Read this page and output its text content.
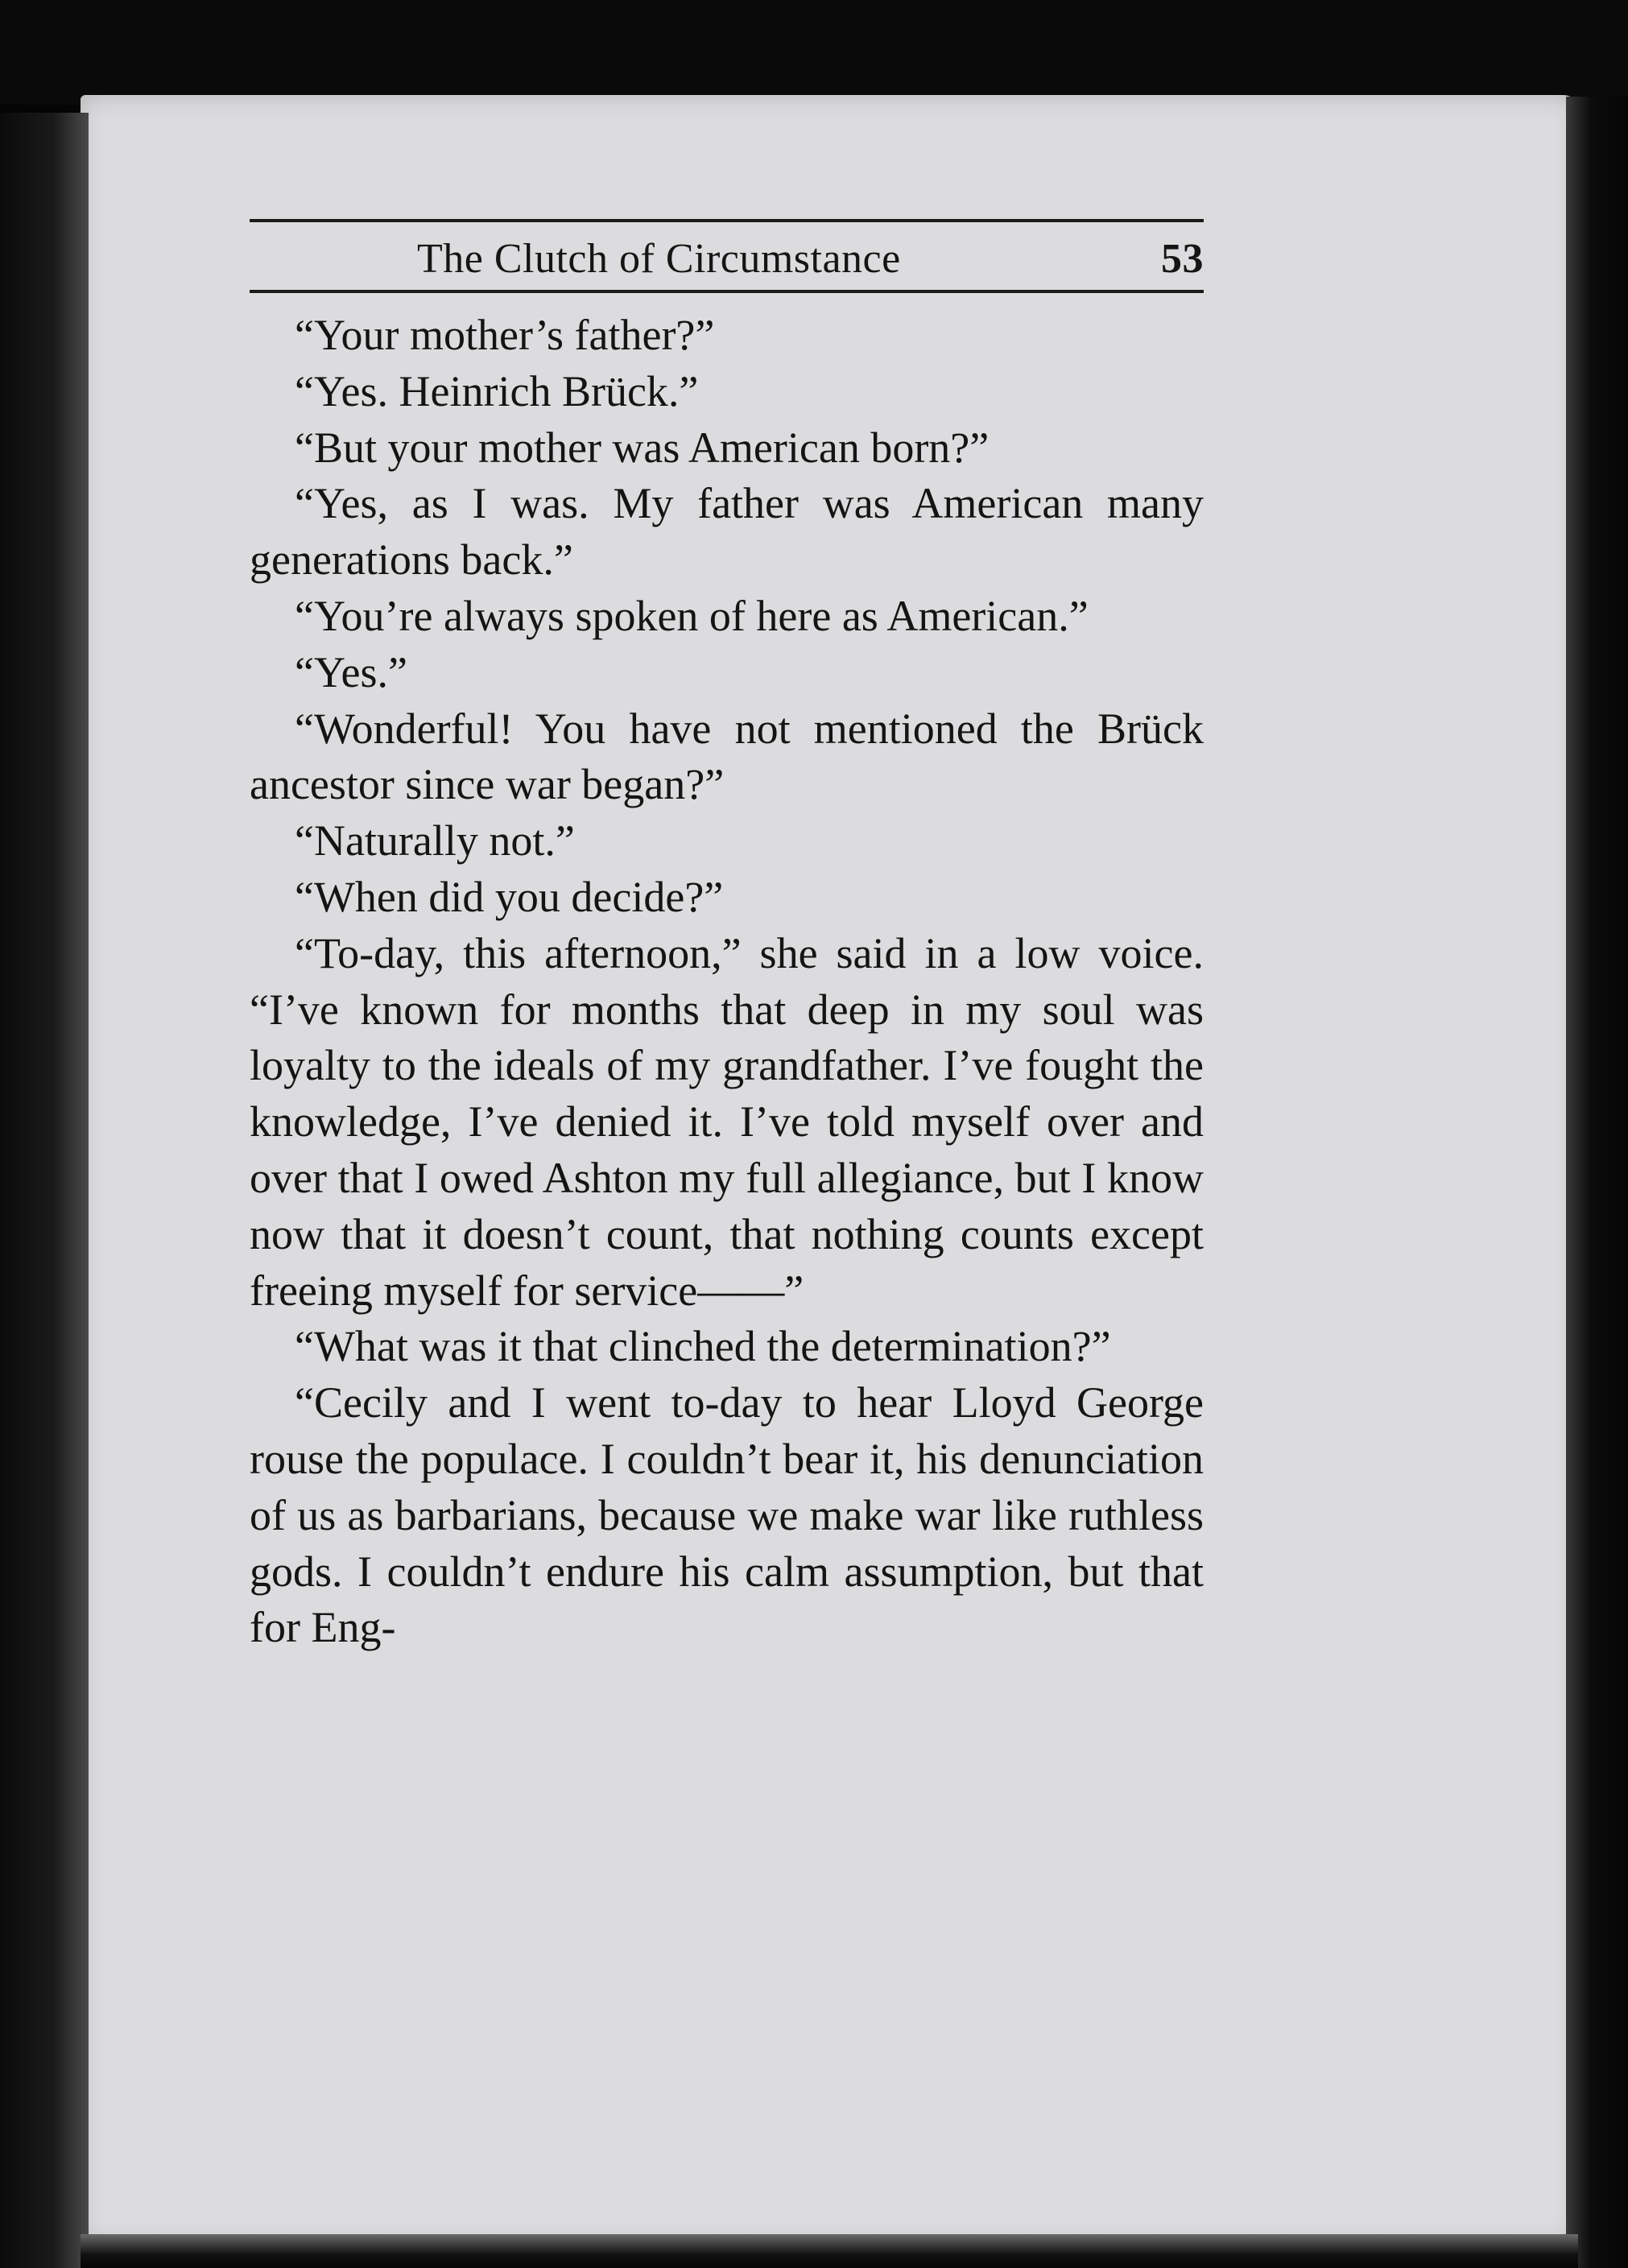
The Clutch of Circumstance	53

“Your mother’s father?”

“Yes. Heinrich Brück.”

“But your mother was American born?”

“Yes, as I was. My father was American many generations back.”

“You’re always spoken of here as American.”

“Yes.”

“Wonderful! You have not mentioned the Brück ancestor since war began?”

“Naturally not.”

“When did you decide?”

“To-day, this afternoon,” she said in a low voice. “I’ve known for months that deep in my soul was loyalty to the ideals of my grandfather. I’ve fought the knowledge, I’ve denied it. I’ve told myself over and over that I owed Ashton my full allegiance, but I know now that it doesn’t count, that nothing counts except freeing myself for service——”

“What was it that clinched the determination?”

“Cecily and I went to-day to hear Lloyd George rouse the populace. I couldn’t bear it, his denunciation of us as barbarians, because we make war like ruthless gods. I couldn’t endure his calm assumption, but that for Eng-
